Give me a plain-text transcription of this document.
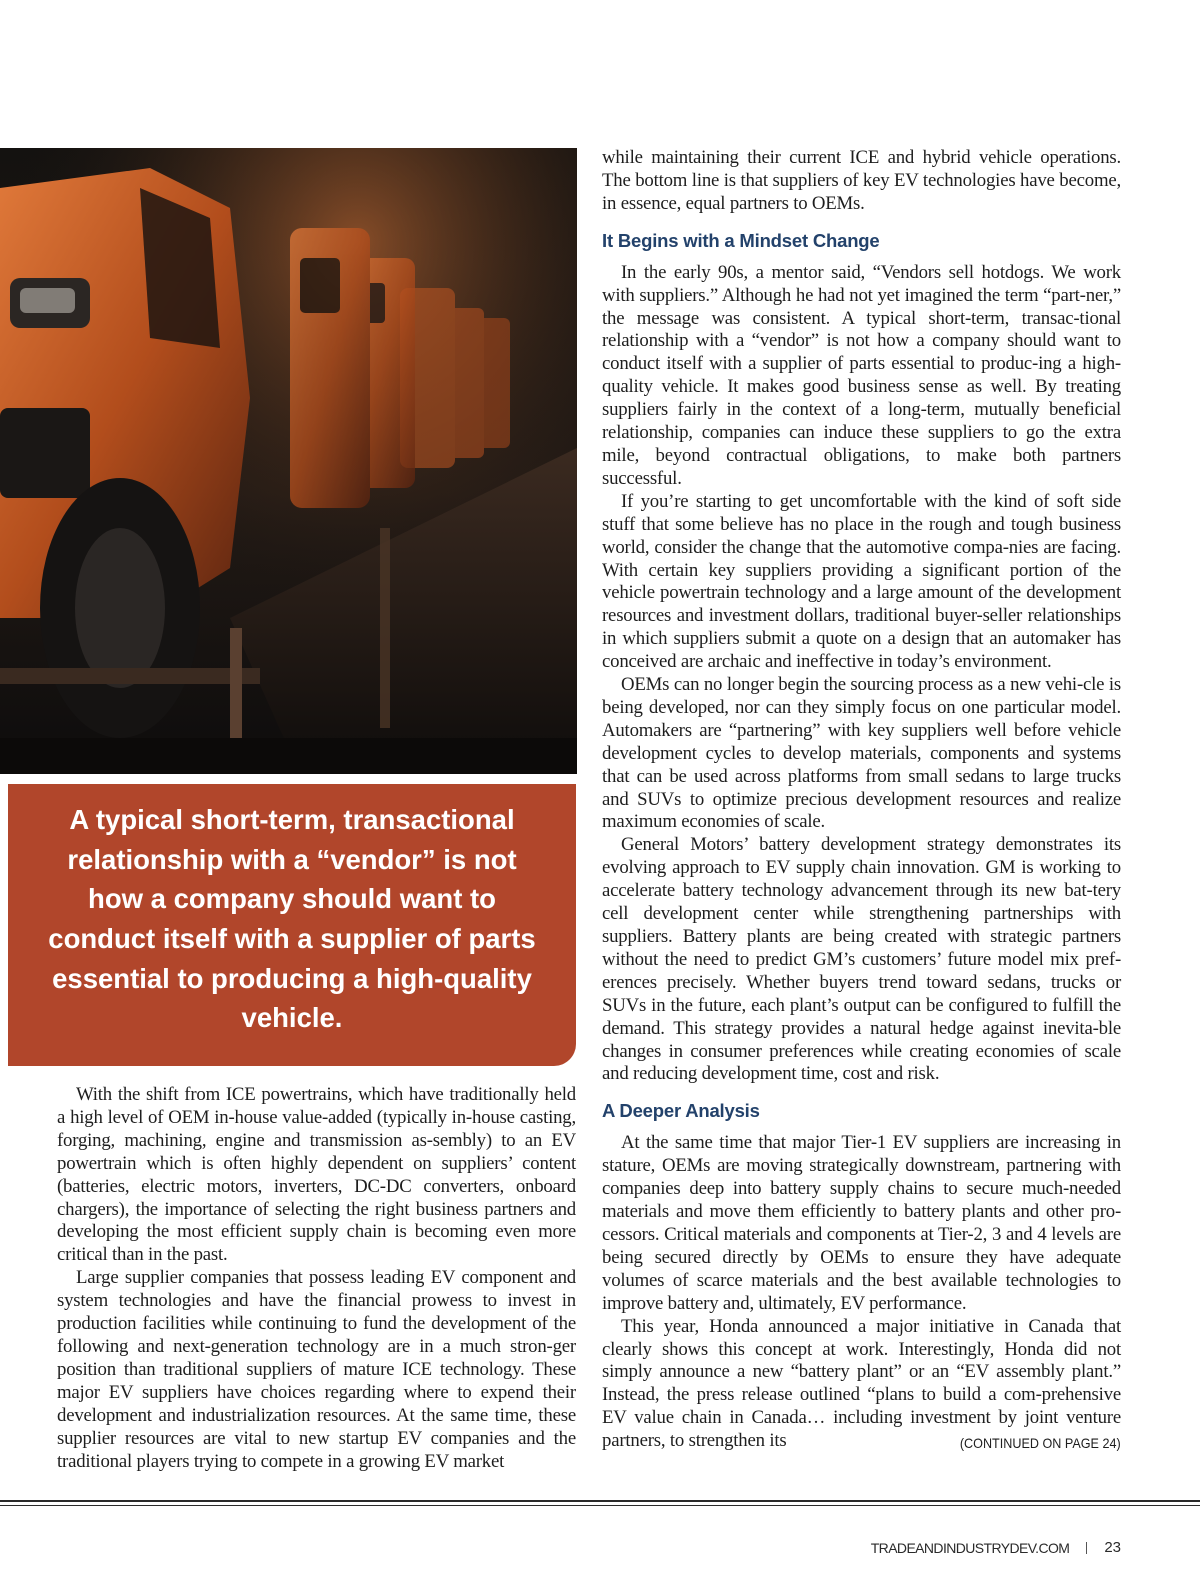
A typical short-term, transactional relationship with a “vendor” is not how a company should want to conduct itself with a supplier of parts essential to producing a high-quality vehicle.

With the shift from ICE powertrains, which have traditionally held a high level of OEM in-house value-added (typically in-house casting, forging, machining, engine and transmission as-sembly) to an EV powertrain which is often highly dependent on suppliers’ content (batteries, electric motors, inverters, DC-DC converters, onboard chargers), the importance of selecting the right business partners and developing the most efficient supply chain is becoming even more critical than in the past.

Large supplier companies that possess leading EV component and system technologies and have the financial prowess to invest in production facilities while continuing to fund the development of the following and next-generation technology are in a much stron-ger position than traditional suppliers of mature ICE technology. These major EV suppliers have choices regarding where to expend their development and industrialization resources. At the same time, these supplier resources are vital to new startup EV companies and the traditional players trying to compete in a growing EV market

while maintaining their current ICE and hybrid vehicle operations. The bottom line is that suppliers of key EV technologies have become, in essence, equal partners to OEMs.

It Begins with a Mindset Change

In the early 90s, a mentor said, “Vendors sell hotdogs. We work with suppliers.” Although he had not yet imagined the term “part-ner,” the message was consistent. A typical short-term, transac-tional relationship with a “vendor” is not how a company should want to conduct itself with a supplier of parts essential to produc-ing a high-quality vehicle. It makes good business sense as well. By treating suppliers fairly in the context of a long-term, mutually beneficial relationship, companies can induce these suppliers to go the extra mile, beyond contractual obligations, to make both partners successful.

If you’re starting to get uncomfortable with the kind of soft side stuff that some believe has no place in the rough and tough business world, consider the change that the automotive compa-nies are facing. With certain key suppliers providing a significant portion of the vehicle powertrain technology and a large amount of the development resources and investment dollars, traditional buyer-seller relationships in which suppliers submit a quote on a design that an automaker has conceived are archaic and ineffective in today’s environment.

OEMs can no longer begin the sourcing process as a new vehi-cle is being developed, nor can they simply focus on one particular model. Automakers are “partnering” with key suppliers well before vehicle development cycles to develop materials, components and systems that can be used across platforms from small sedans to large trucks and SUVs to optimize precious development resources and realize maximum economies of scale.

General Motors’ battery development strategy demonstrates its evolving approach to EV supply chain innovation. GM is working to accelerate battery technology advancement through its new bat-tery cell development center while strengthening partnerships with suppliers. Battery plants are being created with strategic partners without the need to predict GM’s customers’ future model mix pref-erences precisely. Whether buyers trend toward sedans, trucks or SUVs in the future, each plant’s output can be configured to fulfill the demand. This strategy provides a natural hedge against inevita-ble changes in consumer preferences while creating economies of scale and reducing development time, cost and risk.

A Deeper Analysis

At the same time that major Tier-1 EV suppliers are increasing in stature, OEMs are moving strategically downstream, partnering with companies deep into battery supply chains to secure much-needed materials and move them efficiently to battery plants and other pro-cessors. Critical materials and components at Tier-2, 3 and 4 levels are being secured directly by OEMs to ensure they have adequate volumes of scarce materials and the best available technologies to improve battery and, ultimately, EV performance.

This year, Honda announced a major initiative in Canada that clearly shows this concept at work. Interestingly, Honda did not simply announce a new “battery plant” or an “EV assembly plant.” Instead, the press release outlined “plans to build a com-prehensive EV value chain in Canada… including investment by joint venture partners, to strengthen its	(CONTINUED ON PAGE 24)

TRADEANDINDUSTRYDEV.COM 23
